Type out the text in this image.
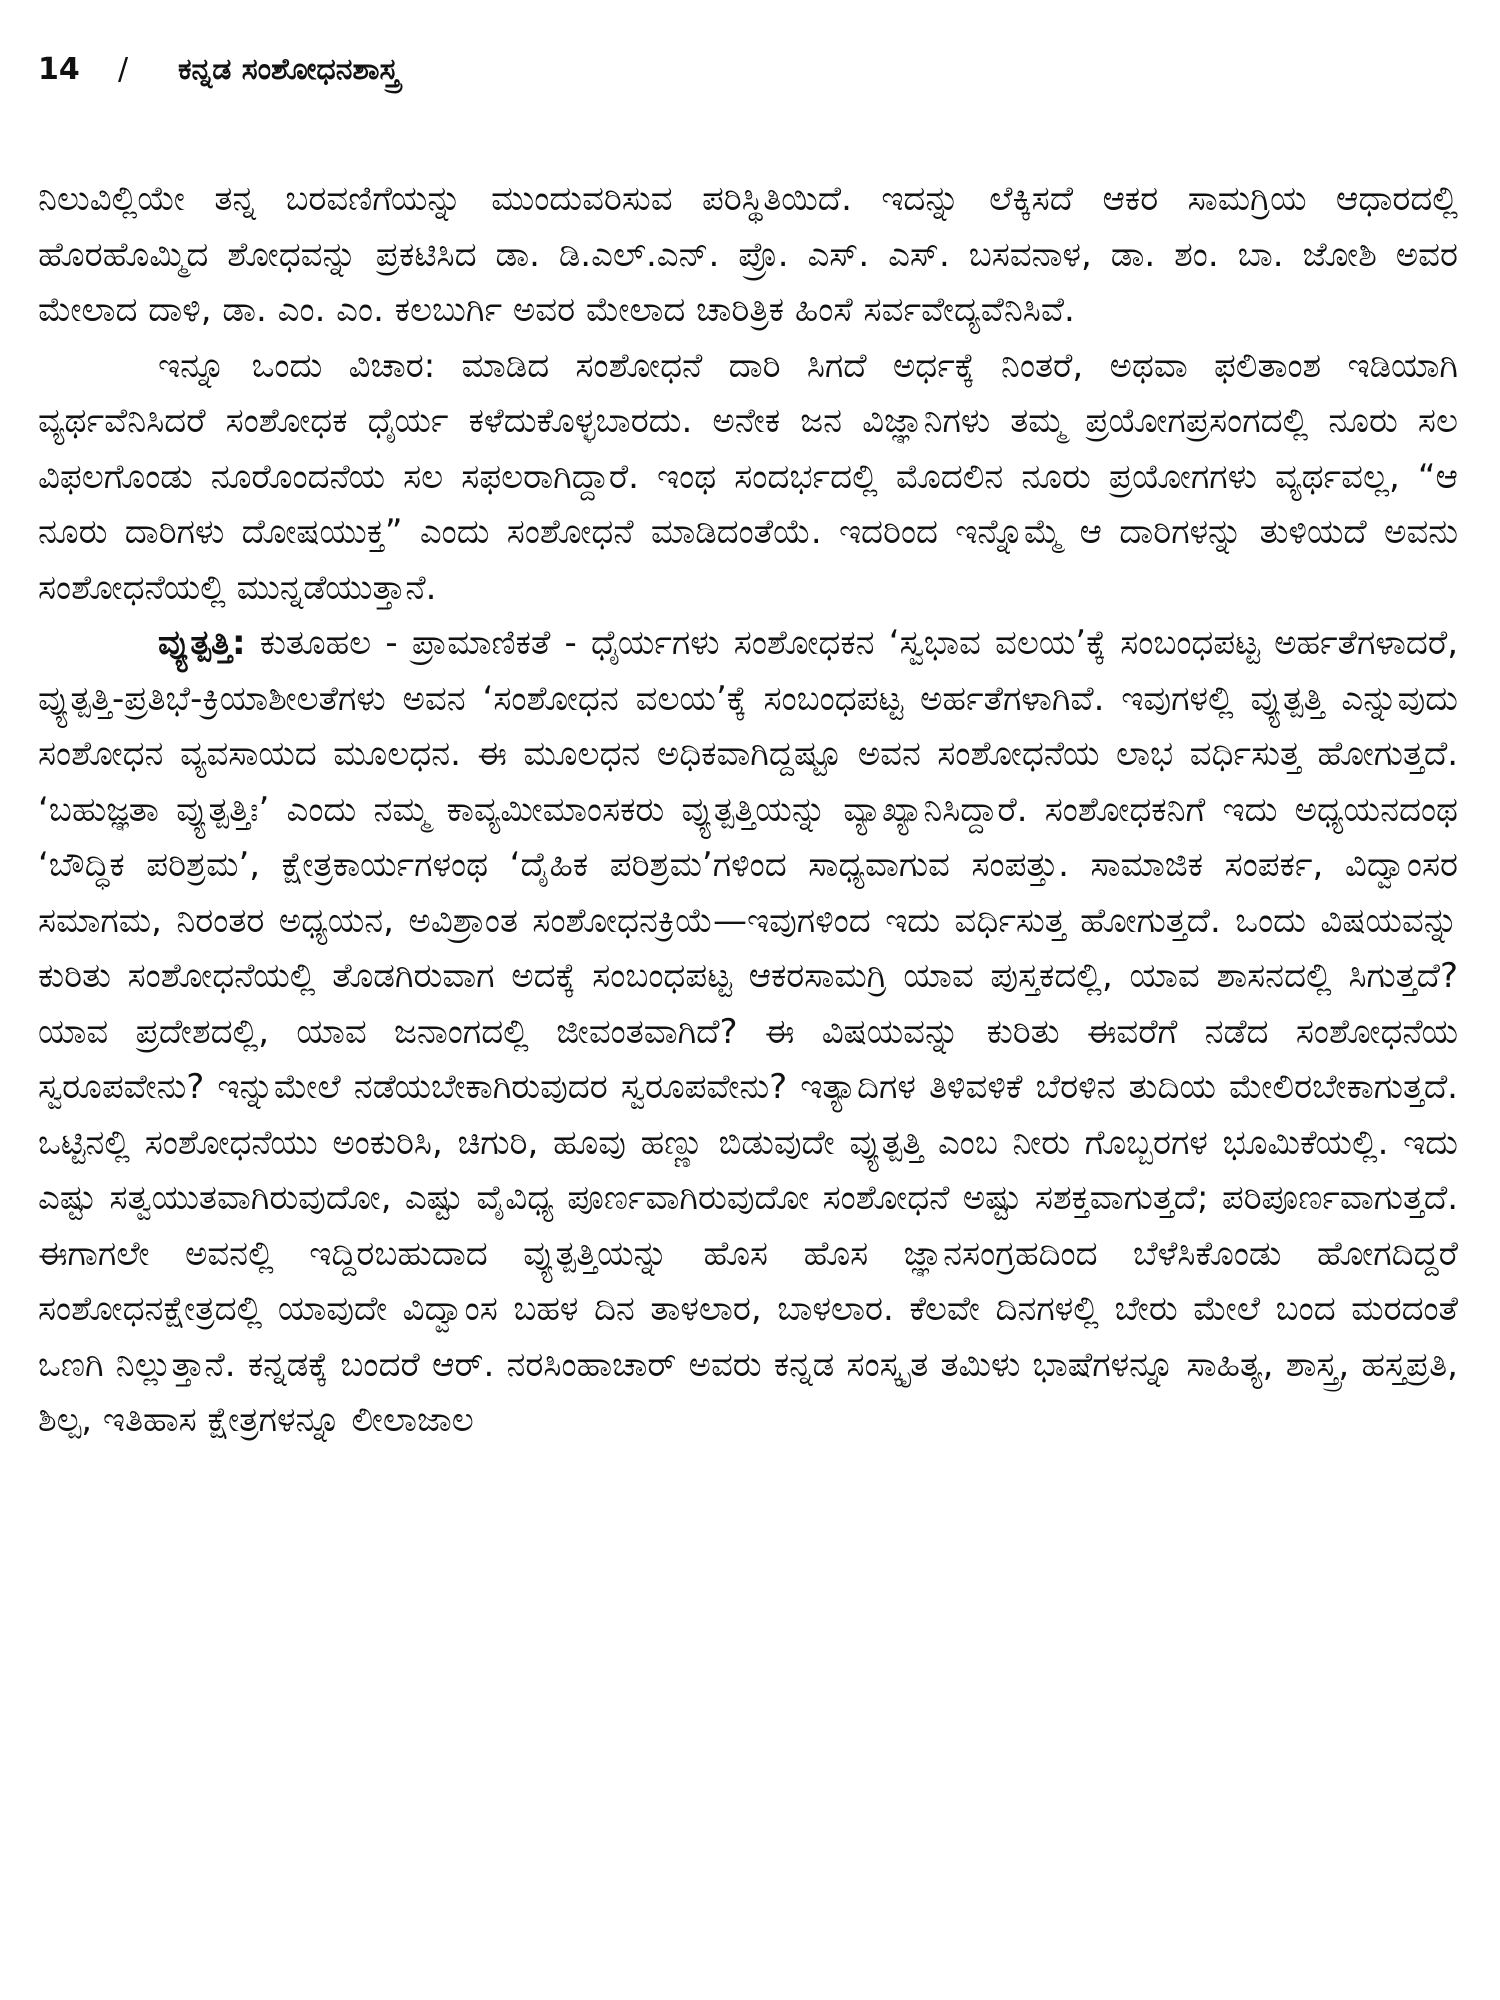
14	/	ಕನ್ನಡ ಸಂಶೋಧನಶಾಸ್ತ್ರ

ನಿಲುವಿಲ್ಲಿಯೇ ತನ್ನ ಬರವಣಿಗೆಯನ್ನು ಮುಂದುವರಿಸುವ ಪರಿಸ್ಥಿತಿಯಿದೆ. ಇದನ್ನು ಲೆಕ್ಕಿಸದೆ ಆಕರ ಸಾಮಗ್ರಿಯ ಆಧಾರದಲ್ಲಿ ಹೊರಹೊಮ್ಮಿದ ಶೋಧವನ್ನು ಪ್ರಕಟಿಸಿದ ಡಾ. ಡಿ.ಎಲ್.ಎನ್. ಪ್ರೊ. ಎಸ್. ಎಸ್. ಬಸವನಾಳ, ಡಾ. ಶಂ. ಬಾ. ಜೋಶಿ ಅವರ ಮೇಲಾದ ದಾಳಿ, ಡಾ. ಎಂ. ಎಂ. ಕಲಬುರ್ಗಿ ಅವರ ಮೇಲಾದ ಚಾರಿತ್ರಿಕ ಹಿಂಸೆ ಸರ್ವವೇದ್ಯವೆನಿಸಿವೆ.

ಇನ್ನೂ ಒಂದು ವಿಚಾರ: ಮಾಡಿದ ಸಂಶೋಧನೆ ದಾರಿ ಸಿಗದೆ ಅರ್ಧಕ್ಕೆ ನಿಂತರೆ, ಅಥವಾ ಫಲಿತಾಂಶ ಇಡಿಯಾಗಿ ವ್ಯರ್ಥವೆನಿಸಿದರೆ ಸಂಶೋಧಕ ಧೈರ್ಯ ಕಳೆದುಕೊಳ್ಳಬಾರದು. ಅನೇಕ ಜನ ವಿಜ್ಞಾನಿಗಳು ತಮ್ಮ ಪ್ರಯೋಗಪ್ರಸಂಗದಲ್ಲಿ ನೂರು ಸಲ ವಿಫಲಗೊಂಡು ನೂರೊಂದನೆಯ ಸಲ ಸಫಲರಾಗಿದ್ದಾರೆ. ಇಂಥ ಸಂದರ್ಭದಲ್ಲಿ ಮೊದಲಿನ ನೂರು ಪ್ರಯೋಗಗಳು ವ್ಯರ್ಥವಲ್ಲ, “ಆ ನೂರು ದಾರಿಗಳು ದೋಷಯುಕ್ತ” ಎಂದು ಸಂಶೋಧನೆ ಮಾಡಿದಂತೆಯೆ. ಇದರಿಂದ ಇನ್ನೊಮ್ಮೆ ಆ ದಾರಿಗಳನ್ನು ತುಳಿಯದೆ ಅವನು ಸಂಶೋಧನೆಯಲ್ಲಿ ಮುನ್ನಡೆಯುತ್ತಾನೆ.

ವ್ಯುತ್ಪತ್ತಿ: ಕುತೂಹಲ - ಪ್ರಾಮಾಣಿಕತೆ - ಧೈರ್ಯಗಳು ಸಂಶೋಧಕನ ‘ಸ್ವಭಾವ ವಲಯ’ಕ್ಕೆ ಸಂಬಂಧಪಟ್ಟ ಅರ್ಹತೆಗಳಾದರೆ, ವ್ಯುತ್ಪತ್ತಿ-ಪ್ರತಿಭೆ-ಕ್ರಿಯಾಶೀಲತೆಗಳು ಅವನ ‘ಸಂಶೋಧನ ವಲಯ’ಕ್ಕೆ ಸಂಬಂಧಪಟ್ಟ ಅರ್ಹತೆಗಳಾಗಿವೆ. ಇವುಗಳಲ್ಲಿ ವ್ಯುತ್ಪತ್ತಿ ಎನ್ನುವುದು ಸಂಶೋಧನ ವ್ಯವಸಾಯದ ಮೂಲಧನ. ಈ ಮೂಲಧನ ಅಧಿಕವಾಗಿದ್ದಷ್ಟೂ ಅವನ ಸಂಶೋಧನೆಯ ಲಾಭ ವರ್ಧಿಸುತ್ತ ಹೋಗುತ್ತದೆ. ‘ಬಹುಜ್ಞತಾ ವ್ಯುತ್ಪತ್ತಿಃ’ ಎಂದು ನಮ್ಮ ಕಾವ್ಯಮೀಮಾಂಸಕರು ವ್ಯುತ್ಪತ್ತಿಯನ್ನು ವ್ಯಾಖ್ಯಾನಿಸಿದ್ದಾರೆ. ಸಂಶೋಧಕನಿಗೆ ಇದು ಅಧ್ಯಯನದಂಥ ‘ಬೌದ್ಧಿಕ ಪರಿಶ್ರಮ’, ಕ್ಷೇತ್ರಕಾರ್ಯಗಳಂಥ ‘ದೈಹಿಕ ಪರಿಶ್ರಮ’ಗಳಿಂದ ಸಾಧ್ಯವಾಗುವ ಸಂಪತ್ತು. ಸಾಮಾಜಿಕ ಸಂಪರ್ಕ, ವಿದ್ವಾಂಸರ ಸಮಾಗಮ, ನಿರಂತರ ಅಧ್ಯಯನ, ಅವಿಶ್ರಾಂತ ಸಂಶೋಧನಕ್ರಿಯೆ—ಇವುಗಳಿಂದ ಇದು ವರ್ಧಿಸುತ್ತ ಹೋಗುತ್ತದೆ. ಒಂದು ವಿಷಯವನ್ನು ಕುರಿತು ಸಂಶೋಧನೆಯಲ್ಲಿ ತೊಡಗಿರುವಾಗ ಅದಕ್ಕೆ ಸಂಬಂಧಪಟ್ಟ ಆಕರಸಾಮಗ್ರಿ ಯಾವ ಪುಸ್ತಕದಲ್ಲಿ, ಯಾವ ಶಾಸನದಲ್ಲಿ ಸಿಗುತ್ತದೆ? ಯಾವ ಪ್ರದೇಶದಲ್ಲಿ, ಯಾವ ಜನಾಂಗದಲ್ಲಿ ಜೀವಂತವಾಗಿದೆ? ಈ ವಿಷಯವನ್ನು ಕುರಿತು ಈವರೆಗೆ ನಡೆದ ಸಂಶೋಧನೆಯ ಸ್ವರೂಪವೇನು? ಇನ್ನುಮೇಲೆ ನಡೆಯಬೇಕಾಗಿರುವುದರ ಸ್ವರೂಪವೇನು? ಇತ್ಯಾದಿಗಳ ತಿಳಿವಳಿಕೆ ಬೆರಳಿನ ತುದಿಯ ಮೇಲಿರಬೇಕಾಗುತ್ತದೆ. ಒಟ್ಟಿನಲ್ಲಿ ಸಂಶೋಧನೆಯು ಅಂಕುರಿಸಿ, ಚಿಗುರಿ, ಹೂವು ಹಣ್ಣು ಬಿಡುವುದೇ ವ್ಯುತ್ಪತ್ತಿ ಎಂಬ ನೀರು ಗೊಬ್ಬರಗಳ ಭೂಮಿಕೆಯಲ್ಲಿ. ಇದು ಎಷ್ಟು ಸತ್ವಯುತವಾಗಿರುವುದೋ, ಎಷ್ಟು ವೈವಿಧ್ಯ ಪೂರ್ಣವಾಗಿರುವುದೋ ಸಂಶೋಧನೆ ಅಷ್ಟು ಸಶಕ್ತವಾಗುತ್ತದೆ; ಪರಿಪೂರ್ಣವಾಗುತ್ತದೆ. ಈಗಾಗಲೇ ಅವನಲ್ಲಿ ಇದ್ದಿರಬಹುದಾದ ವ್ಯುತ್ಪತ್ತಿಯನ್ನು ಹೊಸ ಹೊಸ ಜ್ಞಾನಸಂಗ್ರಹದಿಂದ ಬೆಳೆಸಿಕೊಂಡು ಹೋಗದಿದ್ದರೆ ಸಂಶೋಧನಕ್ಷೇತ್ರದಲ್ಲಿ ಯಾವುದೇ ವಿದ್ವಾಂಸ ಬಹಳ ದಿನ ತಾಳಲಾರ, ಬಾಳಲಾರ. ಕೆಲವೇ ದಿನಗಳಲ್ಲಿ ಬೇರು ಮೇಲೆ ಬಂದ ಮರದಂತೆ ಒಣಗಿ ನಿಲ್ಲುತ್ತಾನೆ. ಕನ್ನಡಕ್ಕೆ ಬಂದರೆ ಆರ್. ನರಸಿಂಹಾಚಾರ್ ಅವರು ಕನ್ನಡ ಸಂಸ್ಕೃತ ತಮಿಳು ಭಾಷೆಗಳನ್ನೂ ಸಾಹಿತ್ಯ, ಶಾಸ್ತ್ರ, ಹಸ್ತಪ್ರತಿ, ಶಿಲ್ಪ, ಇತಿಹಾಸ ಕ್ಷೇತ್ರಗಳನ್ನೂ ಲೀಲಾಜಾಲ
